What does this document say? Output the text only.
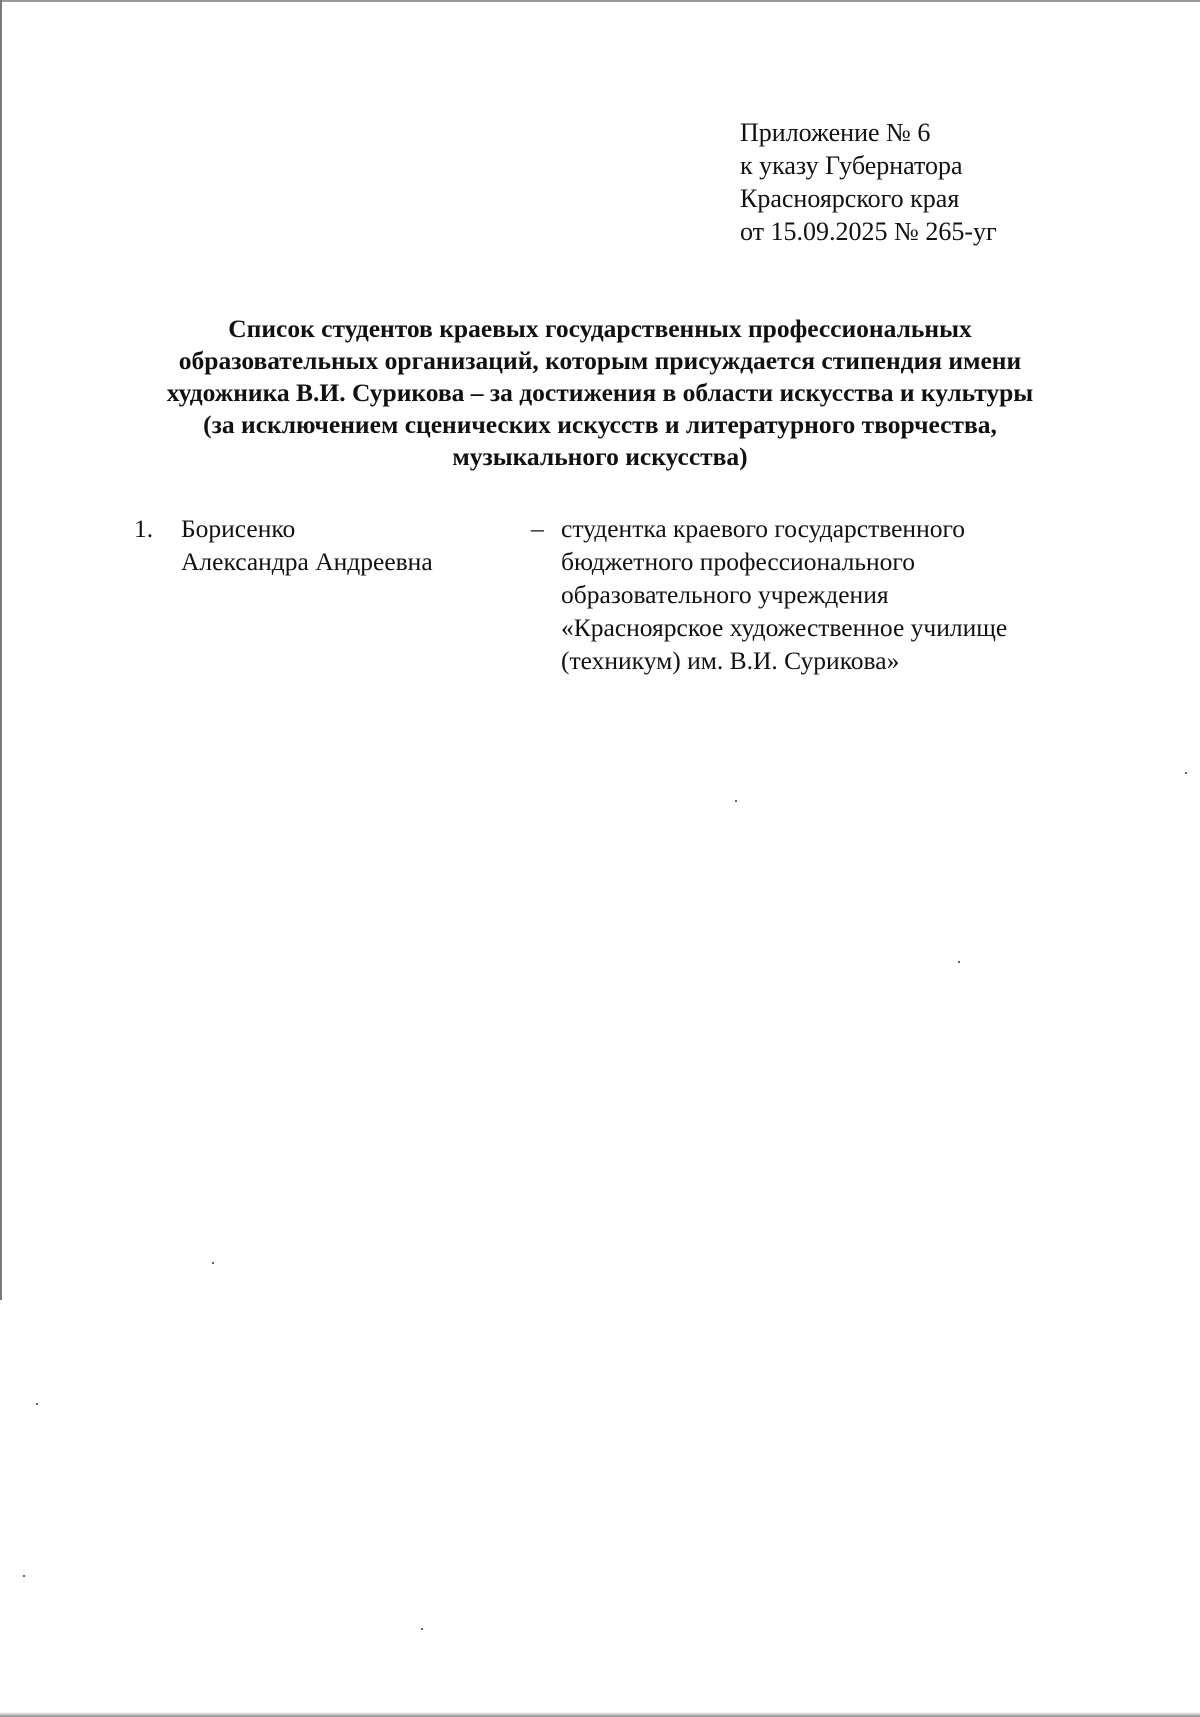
Приложение № 6
к указу Губернатора
Красноярского края
от 15.09.2025 № 265-уг
Список студентов краевых государственных профессиональных
образовательных организаций, которым присуждается стипендия имени
художника В.И. Сурикова – за достижения в области искусства и культуры
(за исключением сценических искусств и литературного творчества,
музыкального искусства)
1. Борисенко
Александра Андреевна
– студентка краевого государственного
бюджетного профессионального
образовательного учреждения
«Красноярское художественное училище
(техникум) им. В.И. Сурикова»
